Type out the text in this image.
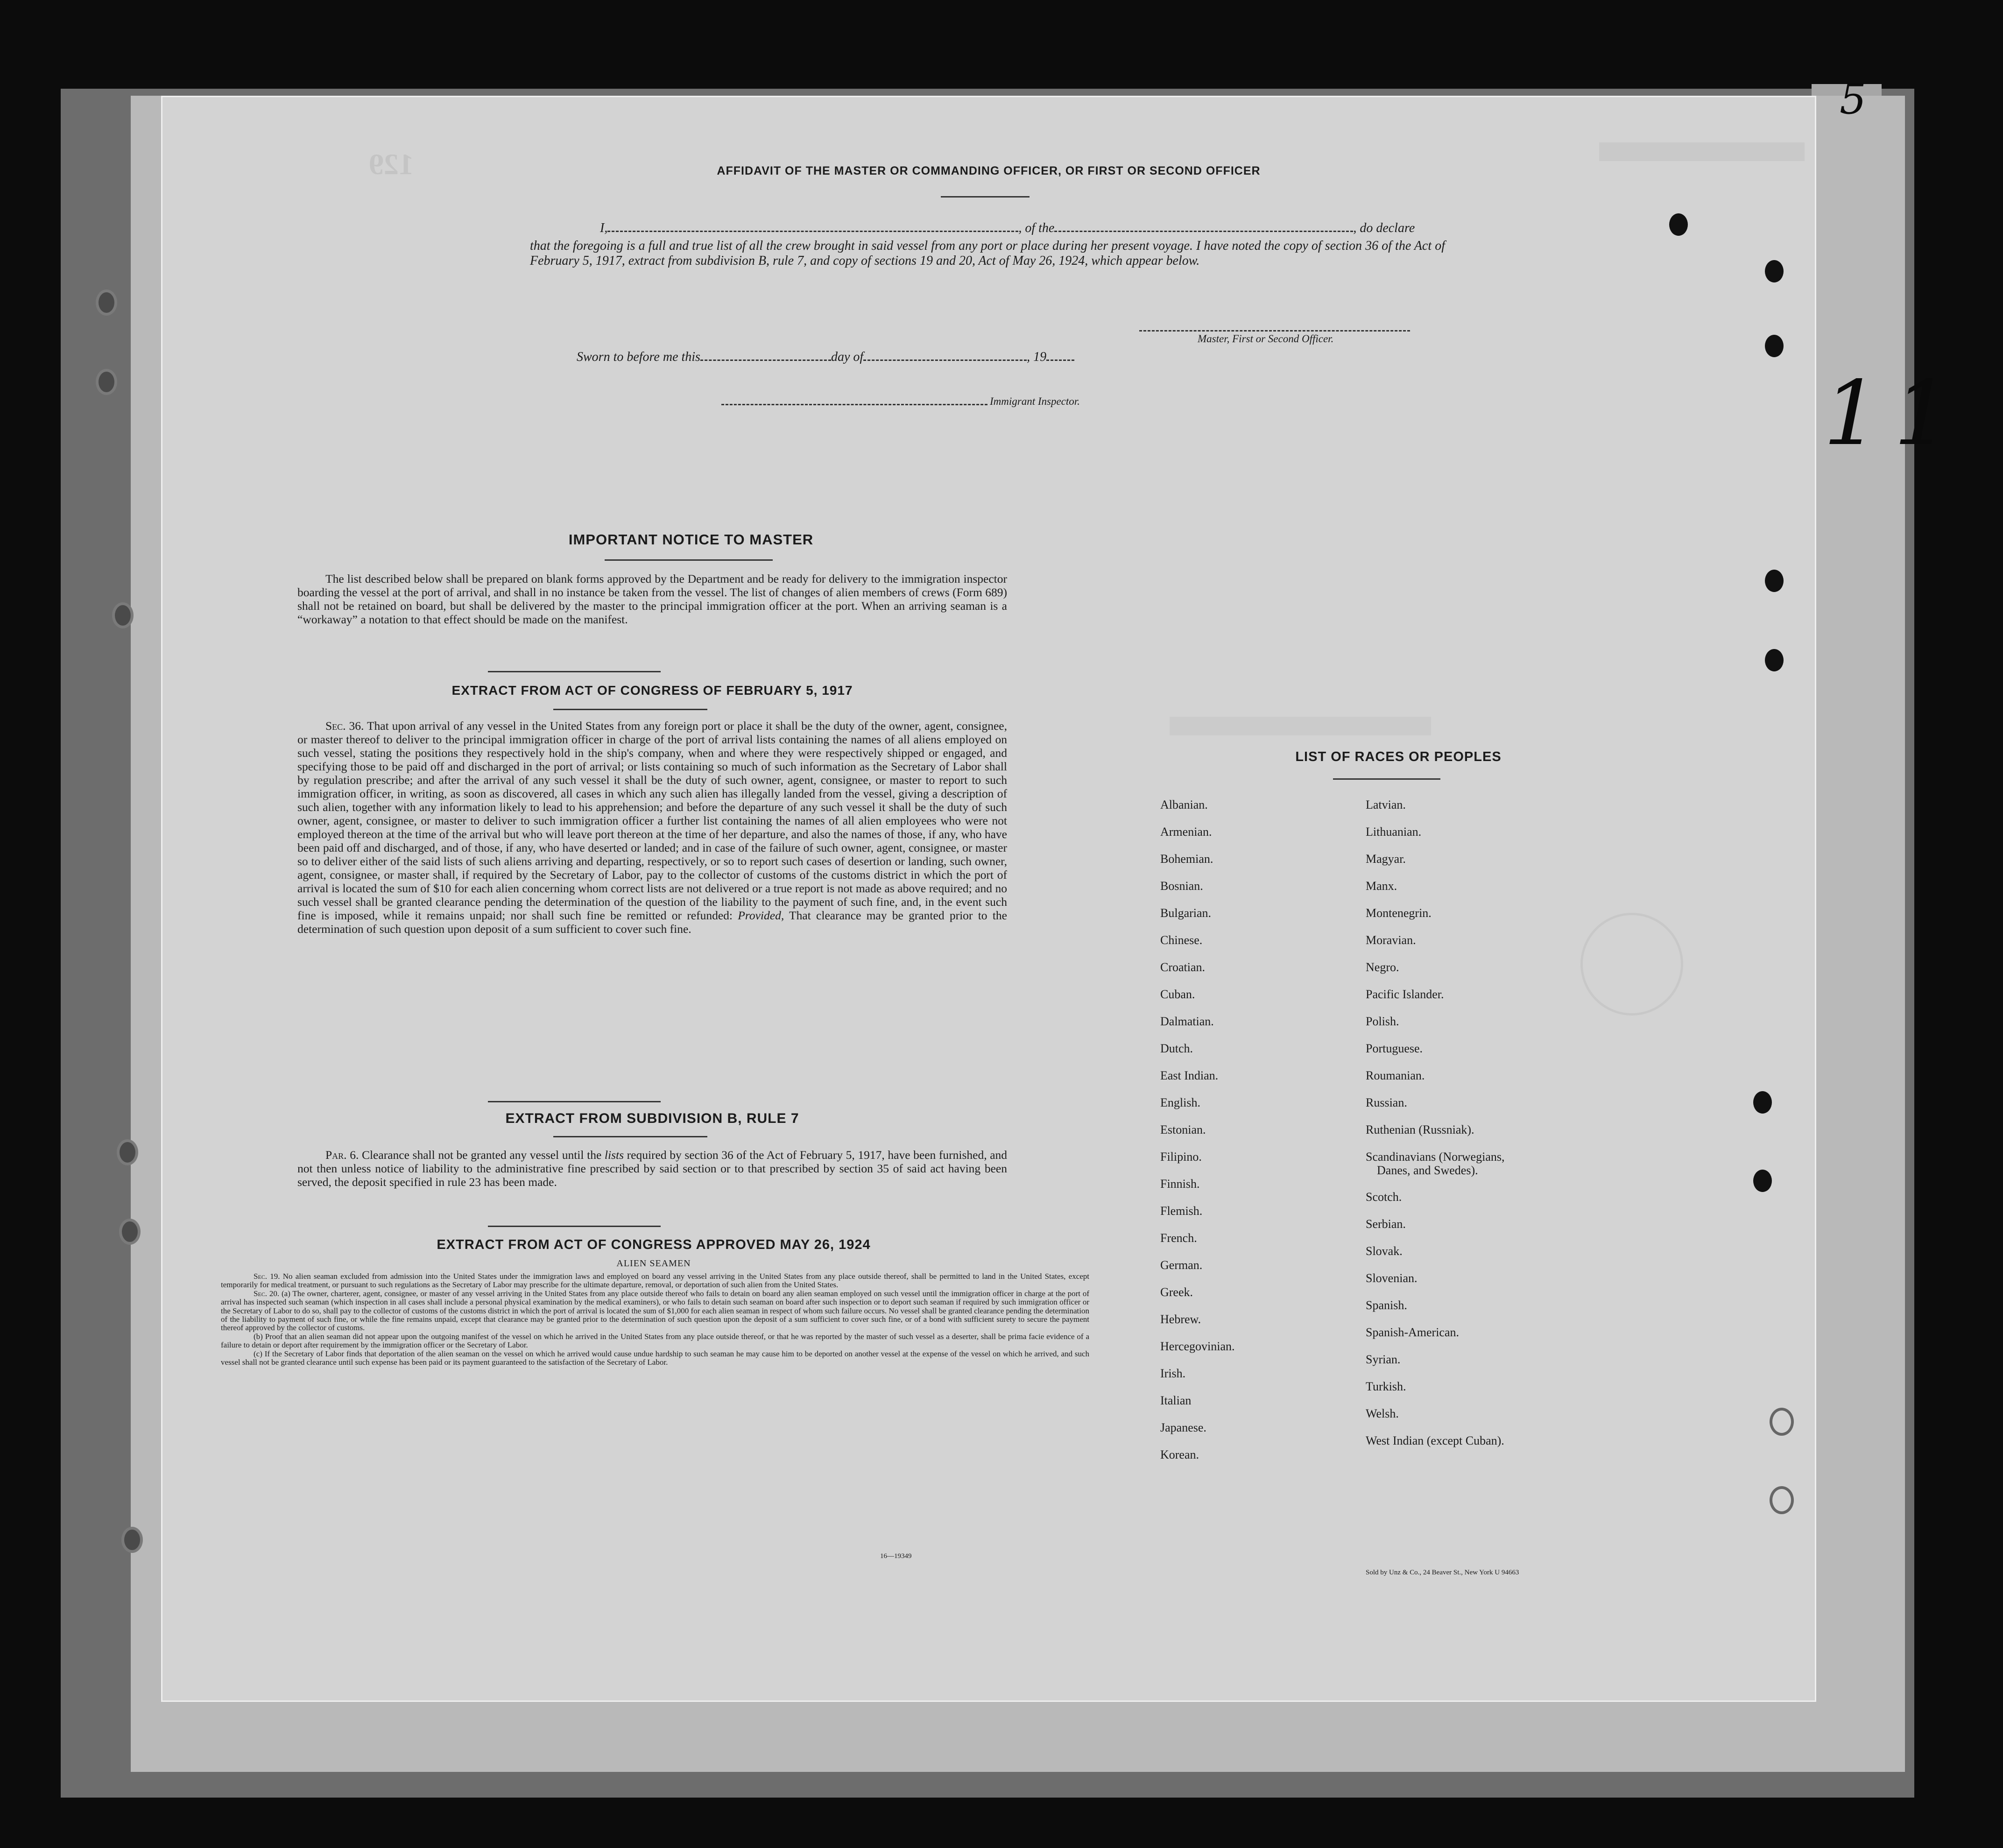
5
129
11
AFFIDAVIT OF THE MASTER OR COMMANDING OFFICER, OR FIRST OR SECOND OFFICER
I,	, of the	, do declare
that the foregoing is a full and true list of all the crew brought in said vessel from any port or place during her present voyage. I have noted the copy of section 36 of the Act of February 5, 1917, extract from subdivision B, rule 7, and copy of sections 19 and 20, Act of May 26, 1924, which appear below.
Master, First or Second Officer.
Sworn to before me this	day of	, 19
Immigrant Inspector.
IMPORTANT NOTICE TO MASTER
The list described below shall be prepared on blank forms approved by the Department and be ready for delivery to the immigration inspector boarding the vessel at the port of arrival, and shall in no instance be taken from the vessel. The list of changes of alien members of crews (Form 689) shall not be retained on board, but shall be delivered by the master to the principal immigration officer at the port. When an arriving seaman is a “workaway” a notation to that effect should be made on the manifest.
EXTRACT FROM ACT OF CONGRESS OF FEBRUARY 5, 1917
Sec. 36. That upon arrival of any vessel in the United States from any foreign port or place it shall be the duty of the owner, agent, consignee, or master thereof to deliver to the principal immigration officer in charge of the port of arrival lists containing the names of all aliens employed on such vessel, stating the positions they respectively hold in the ship's company, when and where they were respectively shipped or engaged, and specifying those to be paid off and discharged in the port of arrival; or lists containing so much of such information as the Secretary of Labor shall by regulation prescribe; and after the arrival of any such vessel it shall be the duty of such owner, agent, consignee, or master to report to such immigration officer, in writing, as soon as discovered, all cases in which any such alien has illegally landed from the vessel, giving a description of such alien, together with any information likely to lead to his apprehension; and before the departure of any such vessel it shall be the duty of such owner, agent, consignee, or master to deliver to such immigration officer a further list containing the names of all alien employees who were not employed thereon at the time of the arrival but who will leave port thereon at the time of her departure, and also the names of those, if any, who have been paid off and discharged, and of those, if any, who have deserted or landed; and in case of the failure of such owner, agent, consignee, or master so to deliver either of the said lists of such aliens arriving and departing, respectively, or so to report such cases of desertion or landing, such owner, agent, consignee, or master shall, if required by the Secretary of Labor, pay to the collector of customs of the customs district in which the port of arrival is located the sum of $10 for each alien concerning whom correct lists are not delivered or a true report is not made as above required; and no such vessel shall be granted clearance pending the determination of the question of the liability to the payment of such fine, and, in the event such fine is imposed, while it remains unpaid; nor shall such fine be remitted or refunded: Provided, That clearance may be granted prior to the determination of such question upon deposit of a sum sufficient to cover such fine.
EXTRACT FROM SUBDIVISION B, RULE 7
Par. 6. Clearance shall not be granted any vessel until the lists required by section 36 of the Act of February 5, 1917, have been furnished, and not then unless notice of liability to the administrative fine prescribed by said section or to that prescribed by section 35 of said act having been served, the deposit specified in rule 23 has been made.
EXTRACT FROM ACT OF CONGRESS APPROVED MAY 26, 1924
ALIEN SEAMEN
Sec. 19. No alien seaman excluded from admission into the United States under the immigration laws and employed on board any vessel arriving in the United States from any place outside thereof, shall be permitted to land in the United States, except temporarily for medical treatment, or pursuant to such regulations as the Secretary of Labor may prescribe for the ultimate departure, removal, or deportation of such alien from the United States.
Sec. 20. (a) The owner, charterer, agent, consignee, or master of any vessel arriving in the United States from any place outside thereof who fails to detain on board any alien seaman employed on such vessel until the immigration officer in charge at the port of arrival has inspected such seaman (which inspection in all cases shall include a personal physical examination by the medical examiners), or who fails to detain such seaman on board after such inspection or to deport such seaman if required by such immigration officer or the Secretary of Labor to do so, shall pay to the collector of customs of the customs district in which the port of arrival is located the sum of $1,000 for each alien seaman in respect of whom such failure occurs. No vessel shall be granted clearance pending the determination of the liability to payment of such fine, or while the fine remains unpaid, except that clearance may be granted prior to the determination of such question upon the deposit of a sum sufficient to cover such fine, or of a bond with sufficient surety to secure the payment thereof approved by the collector of customs.
(b) Proof that an alien seaman did not appear upon the outgoing manifest of the vessel on which he arrived in the United States from any place outside thereof, or that he was reported by the master of such vessel as a deserter, shall be prima facie evidence of a failure to detain or deport after requirement by the immigration officer or the Secretary of Labor.
(c) If the Secretary of Labor finds that deportation of the alien seaman on the vessel on which he arrived would cause undue hardship to such seaman he may cause him to be deported on another vessel at the expense of the vessel on which he arrived, and such vessel shall not be granted clearance until such expense has been paid or its payment guaranteed to the satisfaction of the Secretary of Labor.
16—19349
LIST OF RACES OR PEOPLES
Albanian.
Armenian.
Bohemian.
Bosnian.
Bulgarian.
Chinese.
Croatian.
Cuban.
Dalmatian.
Dutch.
East Indian.
English.
Estonian.
Filipino.
Finnish.
Flemish.
French.
German.
Greek.
Hebrew.
Hercegovinian.
Irish.
Italian
Japanese.
Korean.
Latvian.
Lithuanian.
Magyar.
Manx.
Montenegrin.
Moravian.
Negro.
Pacific Islander.
Polish.
Portuguese.
Roumanian.
Russian.
Ruthenian (Russniak).
Scandinavians (Norwegians,
Danes, and Swedes).
Scotch.
Serbian.
Slovak.
Slovenian.
Spanish.
Spanish-American.
Syrian.
Turkish.
Welsh.
West Indian (except Cuban).
Sold by Unz & Co., 24 Beaver St., New York U 94663
